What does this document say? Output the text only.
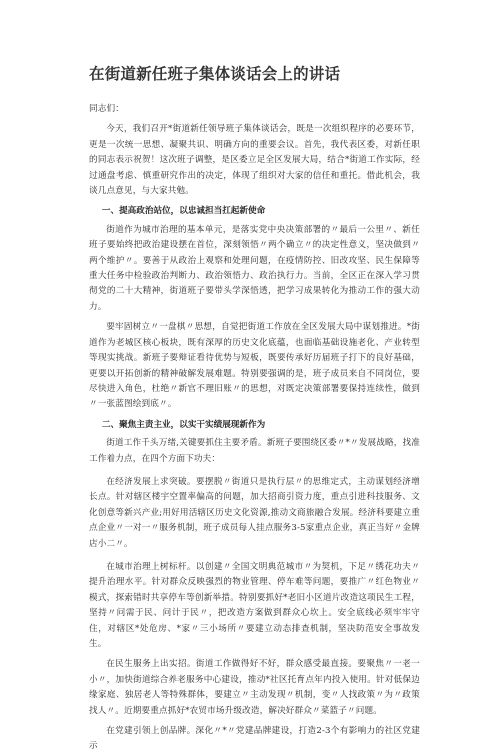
在街道新任班子集体谈话会上的讲话

同志们：

今天，我们召开*街道新任领导班子集体谈话会，既是一次组织程序的必要环节，更是一次统一思想、凝聚共识、明确方向的重要会议。首先，我代表区委，对新任职的同志表示祝贺！这次班子调整，是区委立足全区发展大局，结合*街道工作实际，经过通盘考虑、慎重研究作出的决定，体现了组织对大家的信任和重托。借此机会，我谈几点意见，与大家共勉。

一、提高政治站位，以忠诚担当扛起新使命

街道作为城市治理的基本单元，是落实党中央决策部署的〃最后一公里〃、新任班子要始终把政治建设摆在首位，深刻领悟〃两个确立〃的决定性意义，坚决做到〃两个维护〃。要善于从政治上观察和处理问题，在疫情防控、旧改攻坚、民生保障等重大任务中检验政治判断力、政治领悟力、政治执行力。当前，全区正在深入学习贯彻党的二十大精神，街道班子要带头学深悟透，把学习成果转化为推动工作的强大动力。

要牢固树立〃一盘棋〃思想，自觉把街道工作放在全区发展大局中谋划推进。*街道作为老城区核心板块，既有深厚的历史文化底蕴，也面临基础设施老化、产业转型等现实挑战。新班子要辩证看待优势与短板，既要传承好历届班子打下的良好基础，更要以开拓创新的精神破解发展难题。特别要强调的是，班子成员来自不同岗位，要尽快进入角色，杜绝〃新官不理旧账〃的思想，对既定决策部署要保持连续性，做到〃一张蓝图绘到底〃。

二、聚焦主责主业，以实干实绩展现新作为

街道工作千头万绪,关键要抓住主要矛盾。新班子要围绕区委〃*〃发展战略，找准工作着力点，在四个方面下功夫：

在经济发展上求突破。要摆脱〃街道只是执行层〃的思维定式，主动谋划经济增长点。针对辖区楼宇空置率偏高的问题，加大招商引资力度，重点引进科技服务、文化创意等新兴产业;用好用活辖区历史文化资源,推动文商旅融合发展。经济科要建立重点企业〃一对一〃服务机制，班子成员每人挂点服务3-5家重点企业，真正当好〃金牌店小二〃。

在城市治理上树标杆。以创建〃全国文明典范城市〃为契机，下足〃绣花功夫〃提升治理水平。针对群众反映强烈的物业管理、停车难等问题，要推广〃红色物业〃模式，探索错时共享停车等创新举措。特别要抓好*老旧小区道片改造这项民生工程，坚持〃问需于民、问计于民〃，把改造方案做到群众心坎上。安全底线必须牢牢守住，对辖区*处危房、*家〃三小场所〃要建立动态排查机制，坚决防范安全事故发生。

在民生服务上出实招。街道工作做得好不好，群众感受最直接。要聚焦〃一老一小〃，加快街道综合养老服务中心建设，推动*社区托育点年内投入使用。针对低保边缘家庭、独居老人等特殊群体，要建立〃主动发现〃机制，变〃人找政策〃为〃政策找人〃。近期要重点抓好*农贸市场升级改造，解决好群众〃菜篮子〃问题。

在党建引领上创品牌。深化〃*〃党建品牌建设，打造2-3个有影响力的社区党建示
